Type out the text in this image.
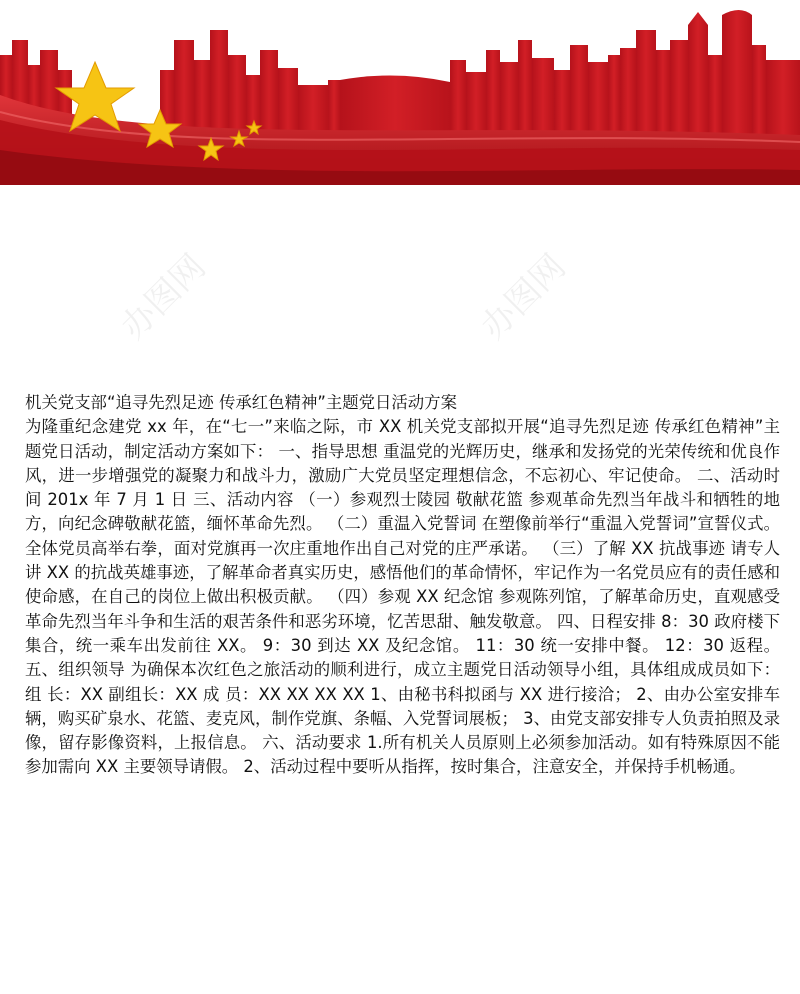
办图网	办图网
机关党支部“追寻先烈足迹 传承红色精神”主题党日活动方案
为隆重纪念建党 xx 年，在“七一”来临之际，市 XX 机关党支部拟开展“追寻先烈足迹 传承红色精神”主题党日活动，制定活动方案如下： 一、指导思想 重温党的光辉历史，继承和发扬党的光荣传统和优良作风，进一步增强党的凝聚力和战斗力，激励广大党员坚定理想信念，不忘初心、牢记使命。 二、活动时间 201x 年 7 月 1 日 三、活动内容 （一）参观烈士陵园 敬献花篮 参观革命先烈当年战斗和牺牲的地方，向纪念碑敬献花篮，缅怀革命先烈。 （二）重温入党誓词 在塑像前举行“重温入党誓词”宣誓仪式。全体党员高举右拳，面对党旗再一次庄重地作出自己对党的庄严承诺。 （三）了解 XX 抗战事迹 请专人讲 XX 的抗战英雄事迹，了解革命者真实历史，感悟他们的革命情怀，牢记作为一名党员应有的责任感和使命感，在自己的岗位上做出积极贡献。 （四）参观 XX 纪念馆 参观陈列馆，了解革命历史，直观感受革命先烈当年斗争和生活的艰苦条件和恶劣环境，忆苦思甜、触发敬意。 四、日程安排 8：30 政府楼下集合，统一乘车出发前往 XX。 9：30 到达 XX 及纪念馆。 11：30 统一安排中餐。 12：30 返程。 五、组织领导 为确保本次红色之旅活动的顺利进行，成立主题党日活动领导小组，具体组成成员如下： 组 长：XX 副组长：XX 成 员：XX XX XX XX 1、由秘书科拟函与 XX 进行接洽； 2、由办公室安排车辆，购买矿泉水、花篮、麦克风，制作党旗、条幅、入党誓词展板； 3、由党支部安排专人负责拍照及录像，留存影像资料，上报信息。 六、活动要求 1.所有机关人员原则上必须参加活动。如有特殊原因不能参加需向 XX 主要领导请假。 2、活动过程中要听从指挥，按时集合，注意安全，并保持手机畅通。
